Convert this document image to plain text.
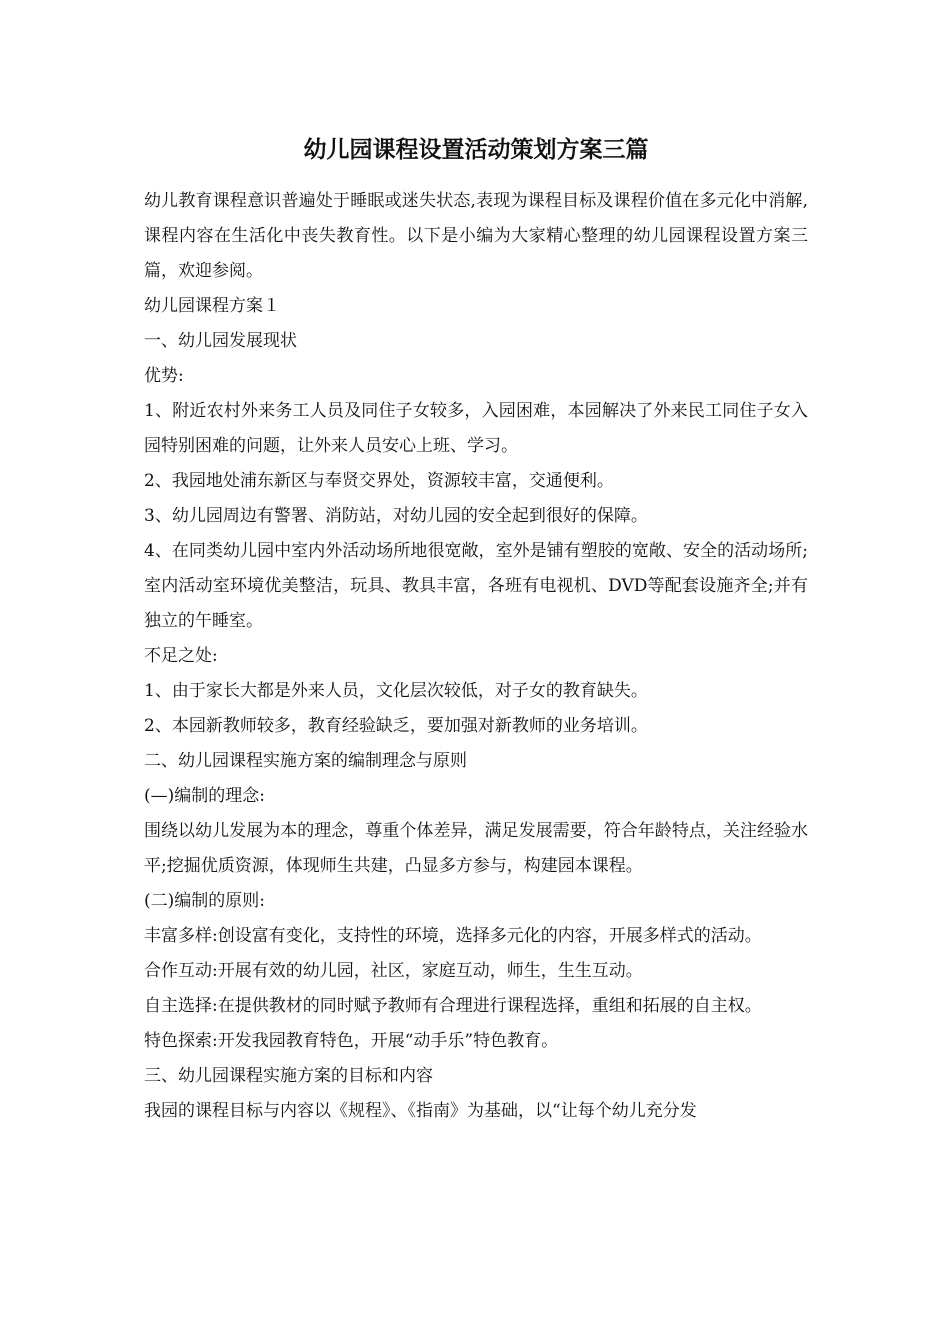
幼儿园课程设置活动策划方案三篇

幼儿教育课程意识普遍处于睡眠或迷失状态,表现为课程目标及课程价值在多元化中消解,课程内容在生活化中丧失教育性。以下是小编为大家精心整理的幼儿园课程设置方案三篇，欢迎参阅。

幼儿园课程方案１

一、幼儿园发展现状

优势:

1、附近农村外来务工人员及同住子女较多，入园困难，本园解决了外来民工同住子女入园特别困难的问题，让外来人员安心上班、学习。

2、我园地处浦东新区与奉贤交界处，资源较丰富，交通便利。

3、幼儿园周边有警署、消防站，对幼儿园的安全起到很好的保障。

4、在同类幼儿园中室内外活动场所地很宽敞，室外是铺有塑胶的宽敞、安全的活动场所;室内活动室环境优美整洁，玩具、教具丰富，各班有电视机、DVD等配套设施齐全;并有独立的午睡室。

不足之处:

1、由于家长大都是外来人员，文化层次较低，对子女的教育缺失。

2、本园新教师较多，教育经验缺乏，要加强对新教师的业务培训。

二、幼儿园课程实施方案的编制理念与原则

(—)编制的理念:

围绕以幼儿发展为本的理念，尊重个体差异，满足发展需要，符合年龄特点，关注经验水平;挖掘优质资源，体现师生共建，凸显多方参与，构建园本课程。

(二)编制的原则:

丰富多样:创设富有变化，支持性的环境，选择多元化的内容，开展多样式的活动。

合作互动:开展有效的幼儿园，社区，家庭互动，师生，生生互动。

自主选择:在提供教材的同时赋予教师有合理进行课程选择，重组和拓展的自主权。

特色探索:开发我园教育特色，开展“动手乐”特色教育。

三、幼儿园课程实施方案的目标和内容

我园的课程目标与内容以《规程》、《指南》为基础，以“让每个幼儿充分发
